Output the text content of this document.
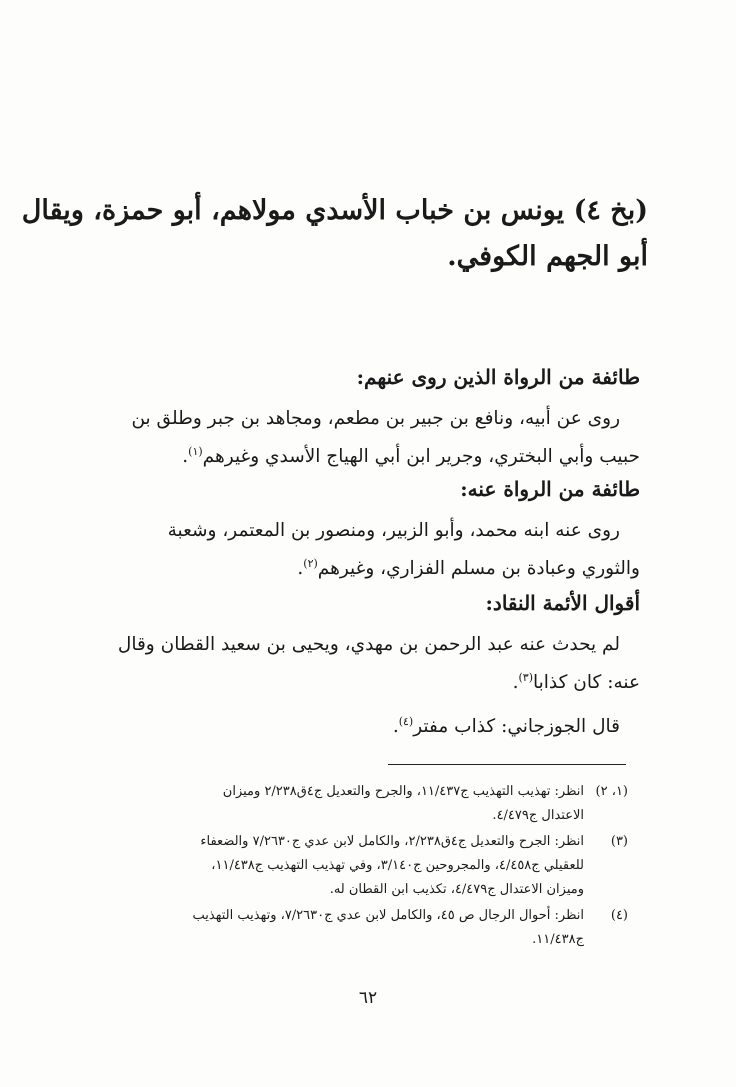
(بخ ٤) يونس بن خباب الأسدي مولاهم، أبو حمزة، ويقال
أبو الجهم الكوفي.
طائفة من الرواة الذين روى عنهم:
روى عن أبيه، ونافع بن جبير بن مطعم، ومجاهد بن جبر وطلق بن
حبيب وأبي البختري، وجرير ابن أبي الهياج الأسدي وغيرهم$^{(١)}$.
طائفة من الرواة عنه:
روى عنه ابنه محمد، وأبو الزبير، ومنصور بن المعتمر، وشعبة
والثوري وعبادة بن مسلم الفزاري، وغيرهم$^{(٢)}$.
أقوال الأئمة النقاد:
لم يحدث عنه عبد الرحمن بن مهدي، ويحيى بن سعيد القطان وقال
عنه: كان كذابا$^{(٣)}$.
قال الجوزجاني: كذاب مفتر$^{(٤)}$.
(١، ٢)
انظر: تهذيب التهذيب ج١١/٤٣٧، والجرح والتعديل ج٤ق٢/٢٣٨ وميزان
الاعتدال ج٤/٤٧٩.
(٣)
انظر: الجرح والتعديل ج٤ق٢/٢٣٨، والكامل لابن عدي ج٧/٢٦٣٠ والضعفاء
للعقيلي ج٤/٤٥٨، والمجروحين ج٣/١٤٠، وفي تهذيب التهذيب ج١١/٤٣٨،
وميزان الاعتدال ج٤/٤٧٩، تكذيب ابن القطان له.
(٤)
انظر: أحوال الرجال ص ٤٥، والكامل لابن عدي ج٧/٢٦٣٠، وتهذيب التهذيب
ج١١/٤٣٨.
٦٢
